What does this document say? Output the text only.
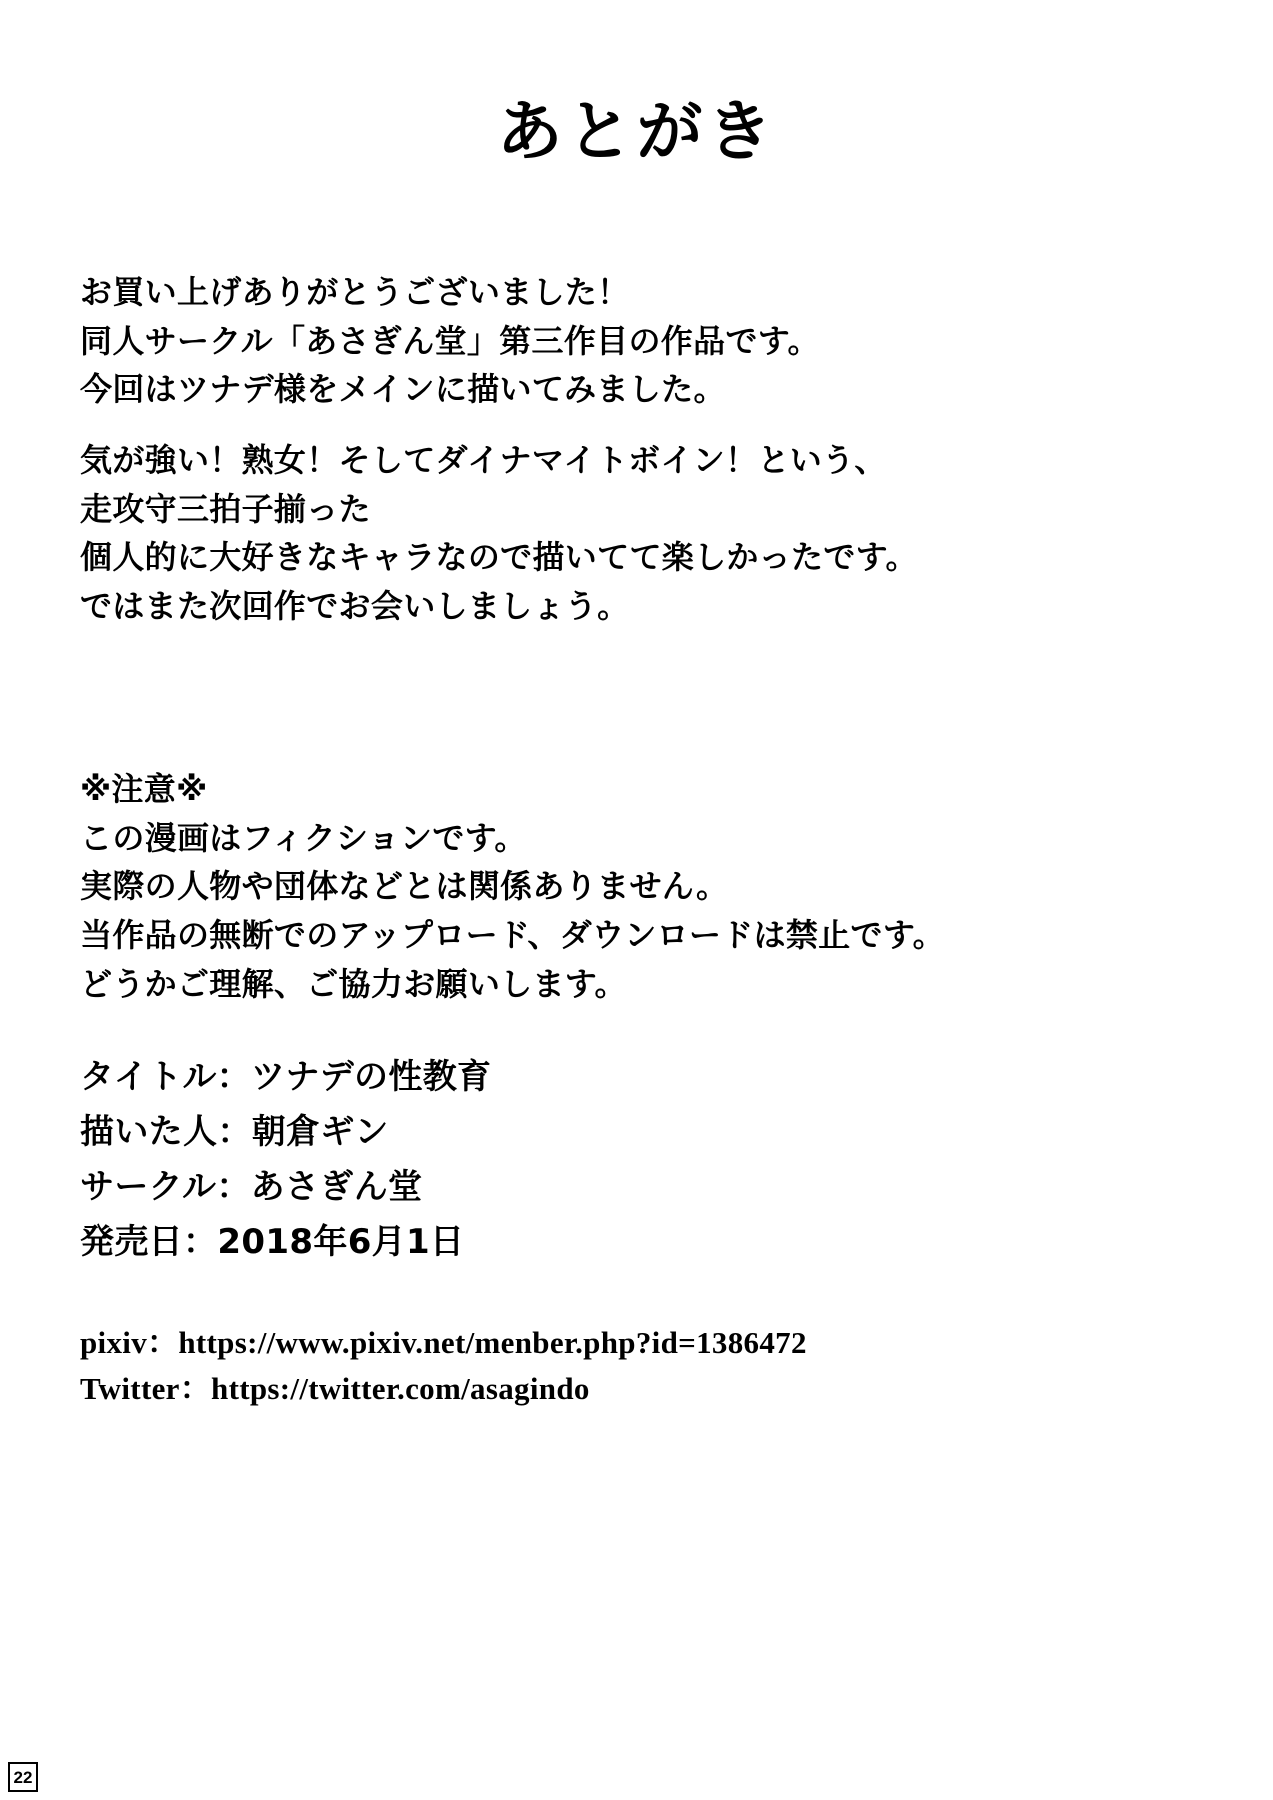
あとがき

お買い上げありがとうございました！

同人サークル「あさぎん堂」第三作目の作品です。

今回はツナデ様をメインに描いてみました。

気が強い！熟女！そしてダイナマイトボイン！という、

走攻守三拍子揃った

個人的に大好きなキャラなので描いてて楽しかったです。

ではまた次回作でお会いしましょう。

※注意※

この漫画はフィクションです。

実際の人物や団体などとは関係ありません。

当作品の無断でのアップロード、ダウンロードは禁止です。

どうかご理解、ご協力お願いします。

タイトル：ツナデの性教育

描いた人：朝倉ギン

サークル：あさぎん堂

発売日：2018年6月1日

pixiv：https://www.pixiv.net/menber.php?id=1386472

Twitter：https://twitter.com/asagindo

22
